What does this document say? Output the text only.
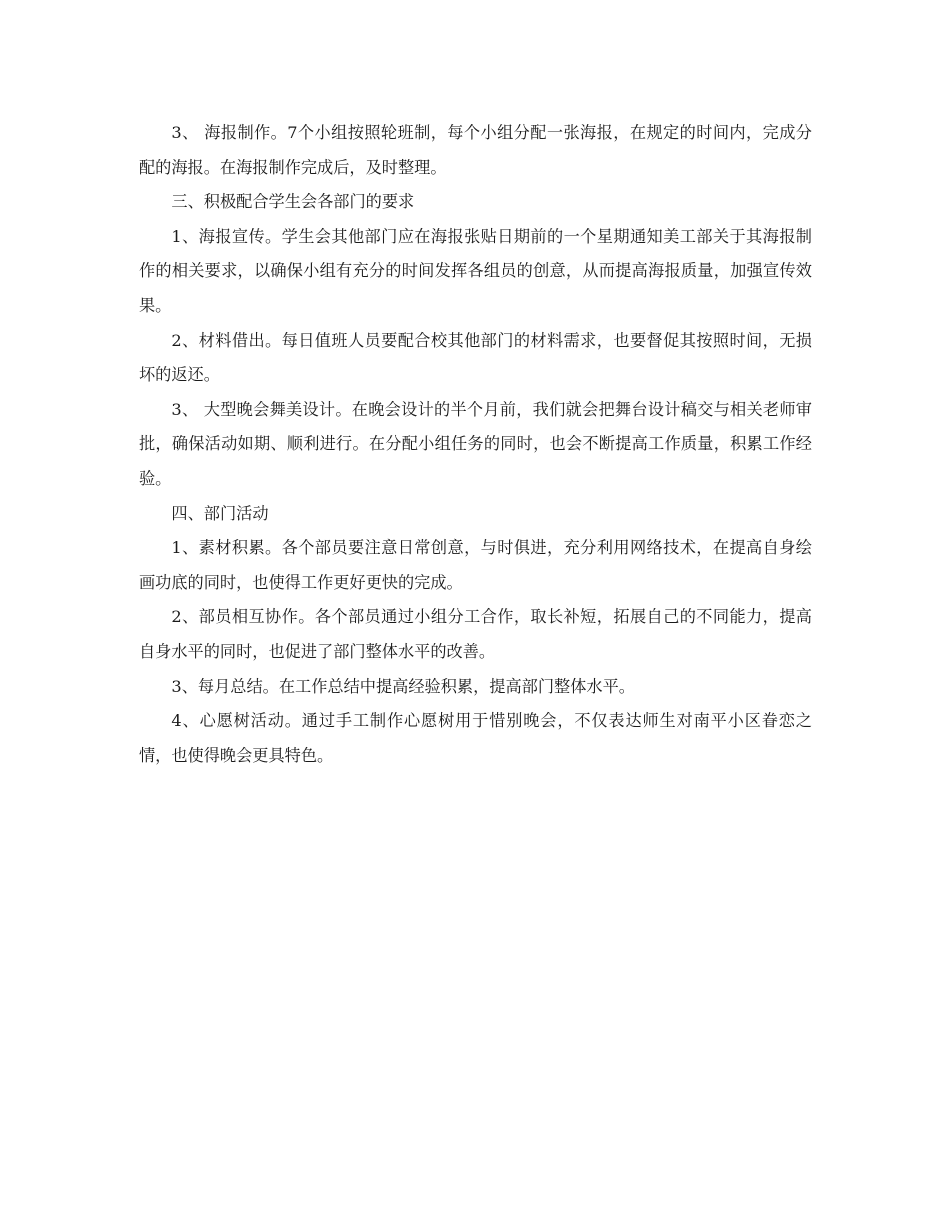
3、 海报制作。7个小组按照轮班制，每个小组分配一张海报，在规定的时间内，完成分配的海报。在海报制作完成后，及时整理。

三、积极配合学生会各部门的要求

1、海报宣传。学生会其他部门应在海报张贴日期前的一个星期通知美工部关于其海报制作的相关要求，以确保小组有充分的时间发挥各组员的创意，从而提高海报质量，加强宣传效果。

2、材料借出。每日值班人员要配合校其他部门的材料需求，也要督促其按照时间，无损坏的返还。

3、 大型晚会舞美设计。在晚会设计的半个月前，我们就会把舞台设计稿交与相关老师审批，确保活动如期、顺利进行。在分配小组任务的同时，也会不断提高工作质量，积累工作经验。

四、部门活动

1、素材积累。各个部员要注意日常创意，与时俱进，充分利用网络技术，在提高自身绘画功底的同时，也使得工作更好更快的完成。

2、部员相互协作。各个部员通过小组分工合作，取长补短，拓展自己的不同能力，提高自身水平的同时，也促进了部门整体水平的改善。

3、每月总结。在工作总结中提高经验积累，提高部门整体水平。

4、心愿树活动。通过手工制作心愿树用于惜别晚会，不仅表达师生对南平小区眷恋之情，也使得晚会更具特色。
